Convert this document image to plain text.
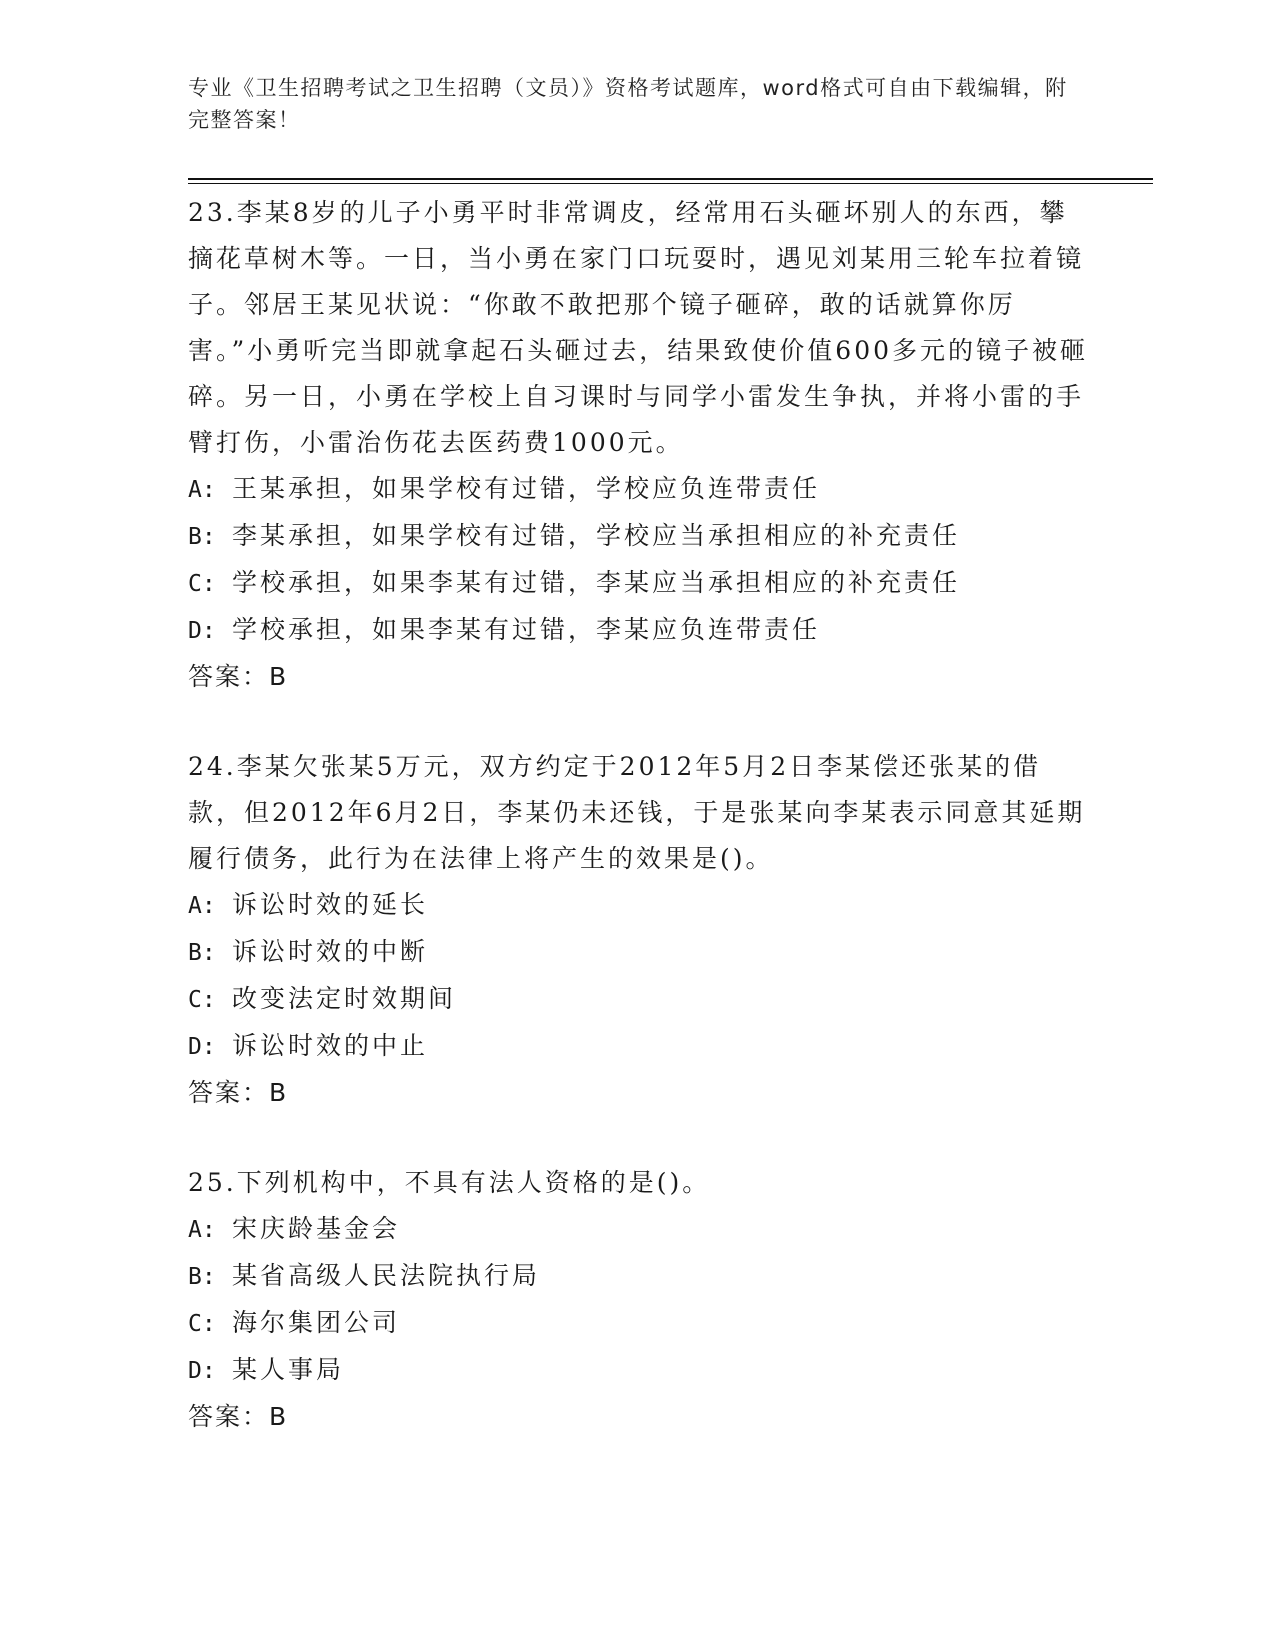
专业《卫生招聘考试之卫生招聘（文员）》资格考试题库，word格式可自由下载编辑，附完整答案！

23.李某8岁的儿子小勇平时非常调皮，经常用石头砸坏别人的东西，攀摘花草树木等。一日，当小勇在家门口玩耍时，遇见刘某用三轮车拉着镜子。邻居王某见状说：“你敢不敢把那个镜子砸碎，敢的话就算你厉害。”小勇听完当即就拿起石头砸过去，结果致使价值600多元的镜子被砸碎。另一日，小勇在学校上自习课时与同学小雷发生争执，并将小雷的手臂打伤，小雷治伤花去医药费1000元。

A: 王某承担，如果学校有过错，学校应负连带责任

B: 李某承担，如果学校有过错，学校应当承担相应的补充责任

C: 学校承担，如果李某有过错，李某应当承担相应的补充责任

D: 学校承担，如果李某有过错，李某应负连带责任

答案：B

24.李某欠张某5万元，双方约定于2012年5月2日李某偿还张某的借款，但2012年6月2日，李某仍未还钱，于是张某向李某表示同意其延期履行债务，此行为在法律上将产生的效果是()。

A: 诉讼时效的延长

B: 诉讼时效的中断

C: 改变法定时效期间

D: 诉讼时效的中止

答案：B

25.下列机构中，不具有法人资格的是()。

A: 宋庆龄基金会

B: 某省高级人民法院执行局

C: 海尔集团公司

D: 某人事局

答案：B
